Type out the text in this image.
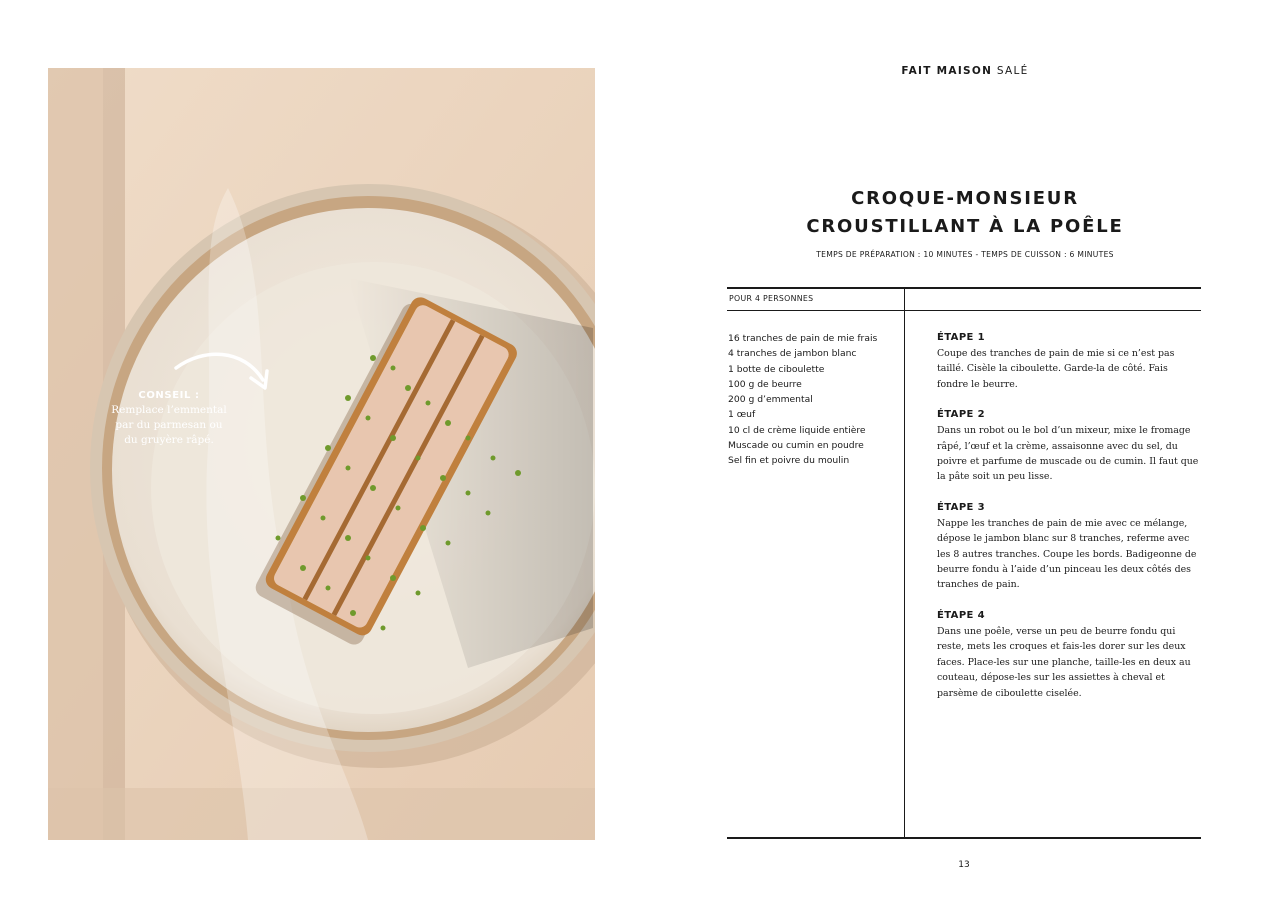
CONSEIL :
Remplace l’emmental par du parmesan ou du gruyère râpé.
FAIT MAISON SALÉ
CROQUE-MONSIEUR
CROUSTILLANT À LA POÊLE
TEMPS DE PRÉPARATION : 10 MINUTES - TEMPS DE CUISSON : 6 MINUTES
POUR 4 PERSONNES
16 tranches de pain de mie frais
4 tranches de jambon blanc
1 botte de ciboulette
100 g de beurre
200 g d’emmental
1 œuf
10 cl de crème liquide entière
Muscade ou cumin en poudre
Sel fin et poivre du moulin
ÉTAPE 1
Coupe des tranches de pain de mie si ce n’est pas taillé. Cisèle la ciboulette. Garde-la de côté. Fais fondre le beurre.
ÉTAPE 2
Dans un robot ou le bol d’un mixeur, mixe le fromage râpé, l’œuf et la crème, assaisonne avec du sel, du poivre et parfume de muscade ou de cumin. Il faut que la pâte soit un peu lisse.
ÉTAPE 3
Nappe les tranches de pain de mie avec ce mélange, dépose le jambon blanc sur 8 tranches, referme avec les 8 autres tranches. Coupe les bords. Badigeonne de beurre fondu à l’aide d’un pinceau les deux côtés des tranches de pain.
ÉTAPE 4
Dans une poêle, verse un peu de beurre fondu qui reste, mets les croques et fais-les dorer sur les deux faces. Place-les sur une planche, taille-les en deux au couteau, dépose-les sur les assiettes à cheval et parsème de ciboulette ciselée.
13
